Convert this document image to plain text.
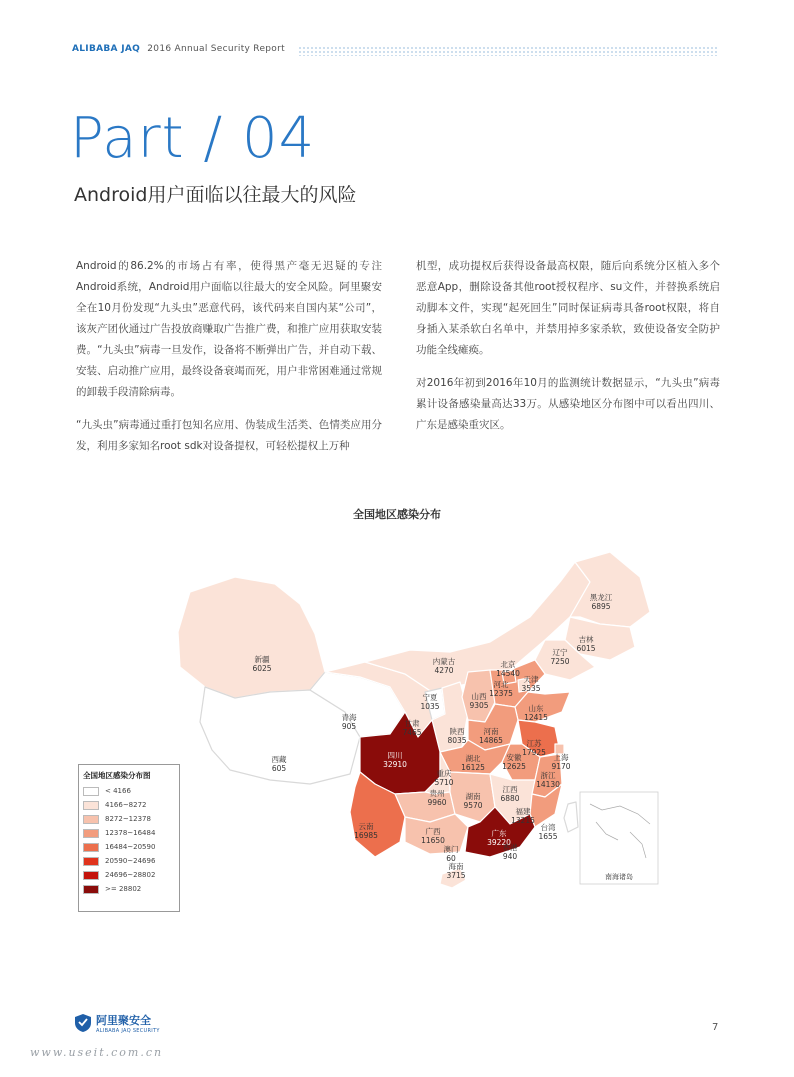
ALIBABA JAQ 2016 Annual Security Report
Part / 04
Android用户面临以往最大的风险

Android的86.2%的市场占有率，使得黑产毫无迟疑的专注Android系统，Android用户面临以往最大的安全风险。阿里聚安全在10月份发现“九头虫”恶意代码，该代码来自国内某“公司”，该灰产团伙通过广告投放商赚取广告推广费，和推广应用获取安装费。“九头虫”病毒一旦发作，设备将不断弹出广告，并自动下载、安装、启动推广应用，最终设备衰竭而死，用户非常困难通过常规的卸载手段清除病毒。

“九头虫”病毒通过重打包知名应用、伪装成生活类、色情类应用分发，利用多家知名root sdk对设备提权，可轻松提权上万种

机型，成功提权后获得设备最高权限，随后向系统分区植入多个恶意App，删除设备其他root授权程序、su文件，并替换系统启动脚本文件，实现“起死回生”同时保证病毒具备root权限，将自身插入某杀软白名单中，并禁用掉多家杀软，致使设备安全防护功能全线瘫痪。

对2016年初到2016年10月的监测统计数据显示，“九头虫”病毒累计设备感染量高达33万。从感染地区分布图中可以看出四川、广东是感染重灾区。

全国地区感染分布
黑龙江
6895
吉林
6015
辽宁
7250
新疆
6025
内蒙古
4270
北京
14540
天津
3535
河北
12375
山西
9305	山东
12415
宁夏
1035
青海
905	甘肃
7465	陕西
8035
河南
14865	江苏
17925
上海
9170
西藏
605
四川
32910
湖北
16125
安徽
12625
重庆
5710
浙江
14130
贵州
9960
湖南
9570
江西
6880
云南
16985	广西
11650
福建
13215
广东
39220
台湾
1655
澳门
60
香港
940
海南
3715	南海诸岛
全国地区感染分布图
< 4166
4166~8272
8272~12378
12378~16484
16484~20590
20590~24696
24696~28802
>= 28802
阿里聚安全
ALIBABA JAQ SECURITY	7
www.useit.com.cn
